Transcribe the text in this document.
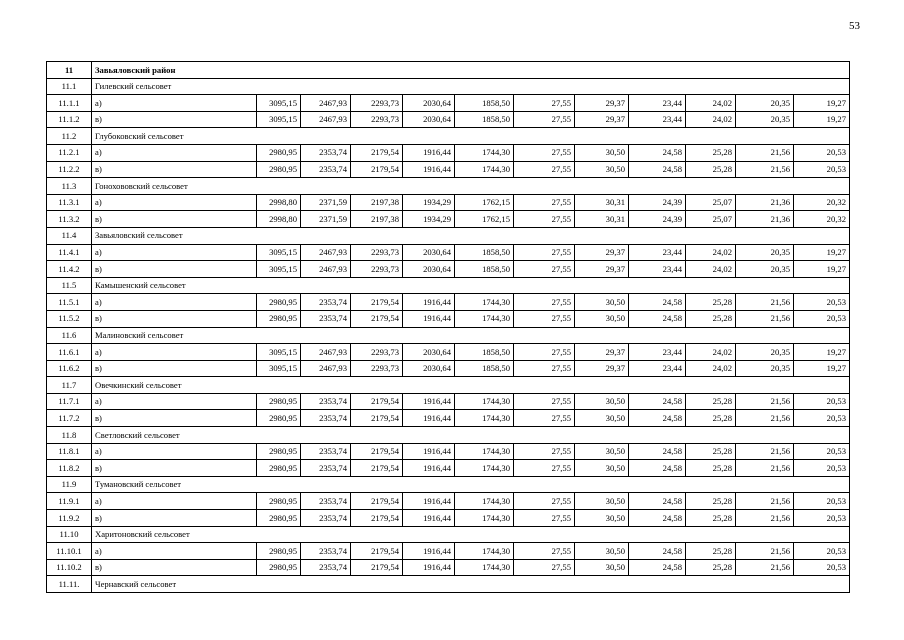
53
11	Завьяловский район											
11.1	Гилевский сельсовет											
11.1.1	а)	3095,15	2467,93	2293,73	2030,64	1858,50	27,55	29,37	23,44	24,02	20,35	19,27
11.1.2	в)	3095,15	2467,93	2293,73	2030,64	1858,50	27,55	29,37	23,44	24,02	20,35	19,27
11.2	Глубоковский сельсовет											
11.2.1	а)	2980,95	2353,74	2179,54	1916,44	1744,30	27,55	30,50	24,58	25,28	21,56	20,53
11.2.2	в)	2980,95	2353,74	2179,54	1916,44	1744,30	27,55	30,50	24,58	25,28	21,56	20,53
11.3	Гонохововский сельсовет											
11.3.1	а)	2998,80	2371,59	2197,38	1934,29	1762,15	27,55	30,31	24,39	25,07	21,36	20,32
11.3.2	в)	2998,80	2371,59	2197,38	1934,29	1762,15	27,55	30,31	24,39	25,07	21,36	20,32
11.4	Завьяловский сельсовет											
11.4.1	а)	3095,15	2467,93	2293,73	2030,64	1858,50	27,55	29,37	23,44	24,02	20,35	19,27
11.4.2	в)	3095,15	2467,93	2293,73	2030,64	1858,50	27,55	29,37	23,44	24,02	20,35	19,27
11.5	Камышенский сельсовет											
11.5.1	а)	2980,95	2353,74	2179,54	1916,44	1744,30	27,55	30,50	24,58	25,28	21,56	20,53
11.5.2	в)	2980,95	2353,74	2179,54	1916,44	1744,30	27,55	30,50	24,58	25,28	21,56	20,53
11.6	Малиновский сельсовет											
11.6.1	а)	3095,15	2467,93	2293,73	2030,64	1858,50	27,55	29,37	23,44	24,02	20,35	19,27
11.6.2	в)	3095,15	2467,93	2293,73	2030,64	1858,50	27,55	29,37	23,44	24,02	20,35	19,27
11.7	Овечкинский сельсовет											
11.7.1	а)	2980,95	2353,74	2179,54	1916,44	1744,30	27,55	30,50	24,58	25,28	21,56	20,53
11.7.2	в)	2980,95	2353,74	2179,54	1916,44	1744,30	27,55	30,50	24,58	25,28	21,56	20,53
11.8	Светловский сельсовет											
11.8.1	а)	2980,95	2353,74	2179,54	1916,44	1744,30	27,55	30,50	24,58	25,28	21,56	20,53
11.8.2	в)	2980,95	2353,74	2179,54	1916,44	1744,30	27,55	30,50	24,58	25,28	21,56	20,53
11.9	Тумановский сельсовет											
11.9.1	а)	2980,95	2353,74	2179,54	1916,44	1744,30	27,55	30,50	24,58	25,28	21,56	20,53
11.9.2	в)	2980,95	2353,74	2179,54	1916,44	1744,30	27,55	30,50	24,58	25,28	21,56	20,53
11.10	Харитоновский сельсовет											
11.10.1	а)	2980,95	2353,74	2179,54	1916,44	1744,30	27,55	30,50	24,58	25,28	21,56	20,53
11.10.2	в)	2980,95	2353,74	2179,54	1916,44	1744,30	27,55	30,50	24,58	25,28	21,56	20,53
11.11.	Чернавский сельсовет											
